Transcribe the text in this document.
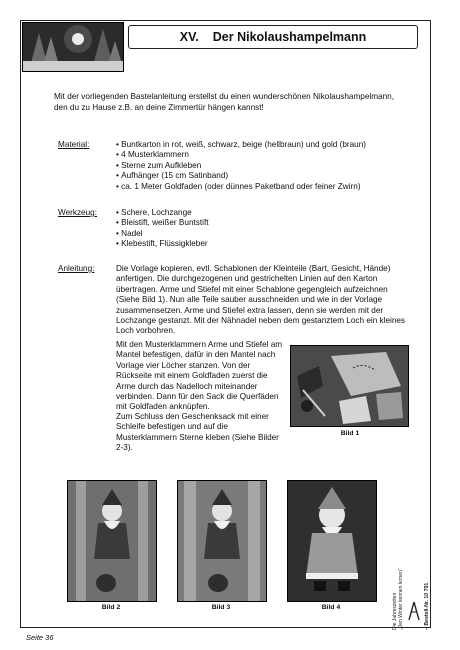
XV. Der Nikolaushampelmann
Mit der vorliegenden Bastelanleitung erstellst du einen wunderschönen Nikolaushampelmann, den du zu Hause z.B. an deine Zimmertür hängen kannst!
Material:	• Buntkarton in rot, weiß, schwarz, beige (hellbraun) und gold (braun)
• 4 Musterklammern
• Sterne zum Aufkleben
• Aufhänger (15 cm Satinband)
• ca. 1 Meter Goldfaden (oder dünnes Paketband oder feiner Zwirn)
Werkzeug:	• Schere, Lochzange
• Bleistift, weißer Buntstift
• Nadel
• Klebestift, Flüssigkleber
Anleitung:	Die Vorlage kopieren, evtl. Schablonen der Kleinteile (Bart, Gesicht, Hände) anfertigen. Die durchgezogenen und gestrichelten Linien auf den Karton übertragen. Arme und Stiefel mit einer Schablone gegengleich aufzeichnen (Siehe Bild 1). Nun alle Teile sauber ausschneiden und wie in der Vorlage zusammensetzen. Arme und Stiefel extra lassen, denn sie werden mit der Lochzange gestanzt. Mit der Nähnadel neben dem gestanztem Loch ein kleines Loch vorbohren.
Mit den Musterklammern Arme und Stiefel am Mantel befestigen, dafür in den Mantel nach Vorlage vier Löcher stanzen. Von der Rückseite mit einem Goldfaden zuerst die Arme durch das Nadelloch miteinander verbinden. Dann für den Sack die Querfäden mit Goldfaden anknüpfen.
Zum Schluss den Geschenksack mit einer Schleife befestigen und auf die Musterklammern Sterne kleben (Siehe Bilder 2-3).
Bild 1
Bild 2	Bild 3	Bild 4	Die Jahreszeiten „Den Winter kennen lernen“	– Bestell-Nr. 10 791
Seite 36
